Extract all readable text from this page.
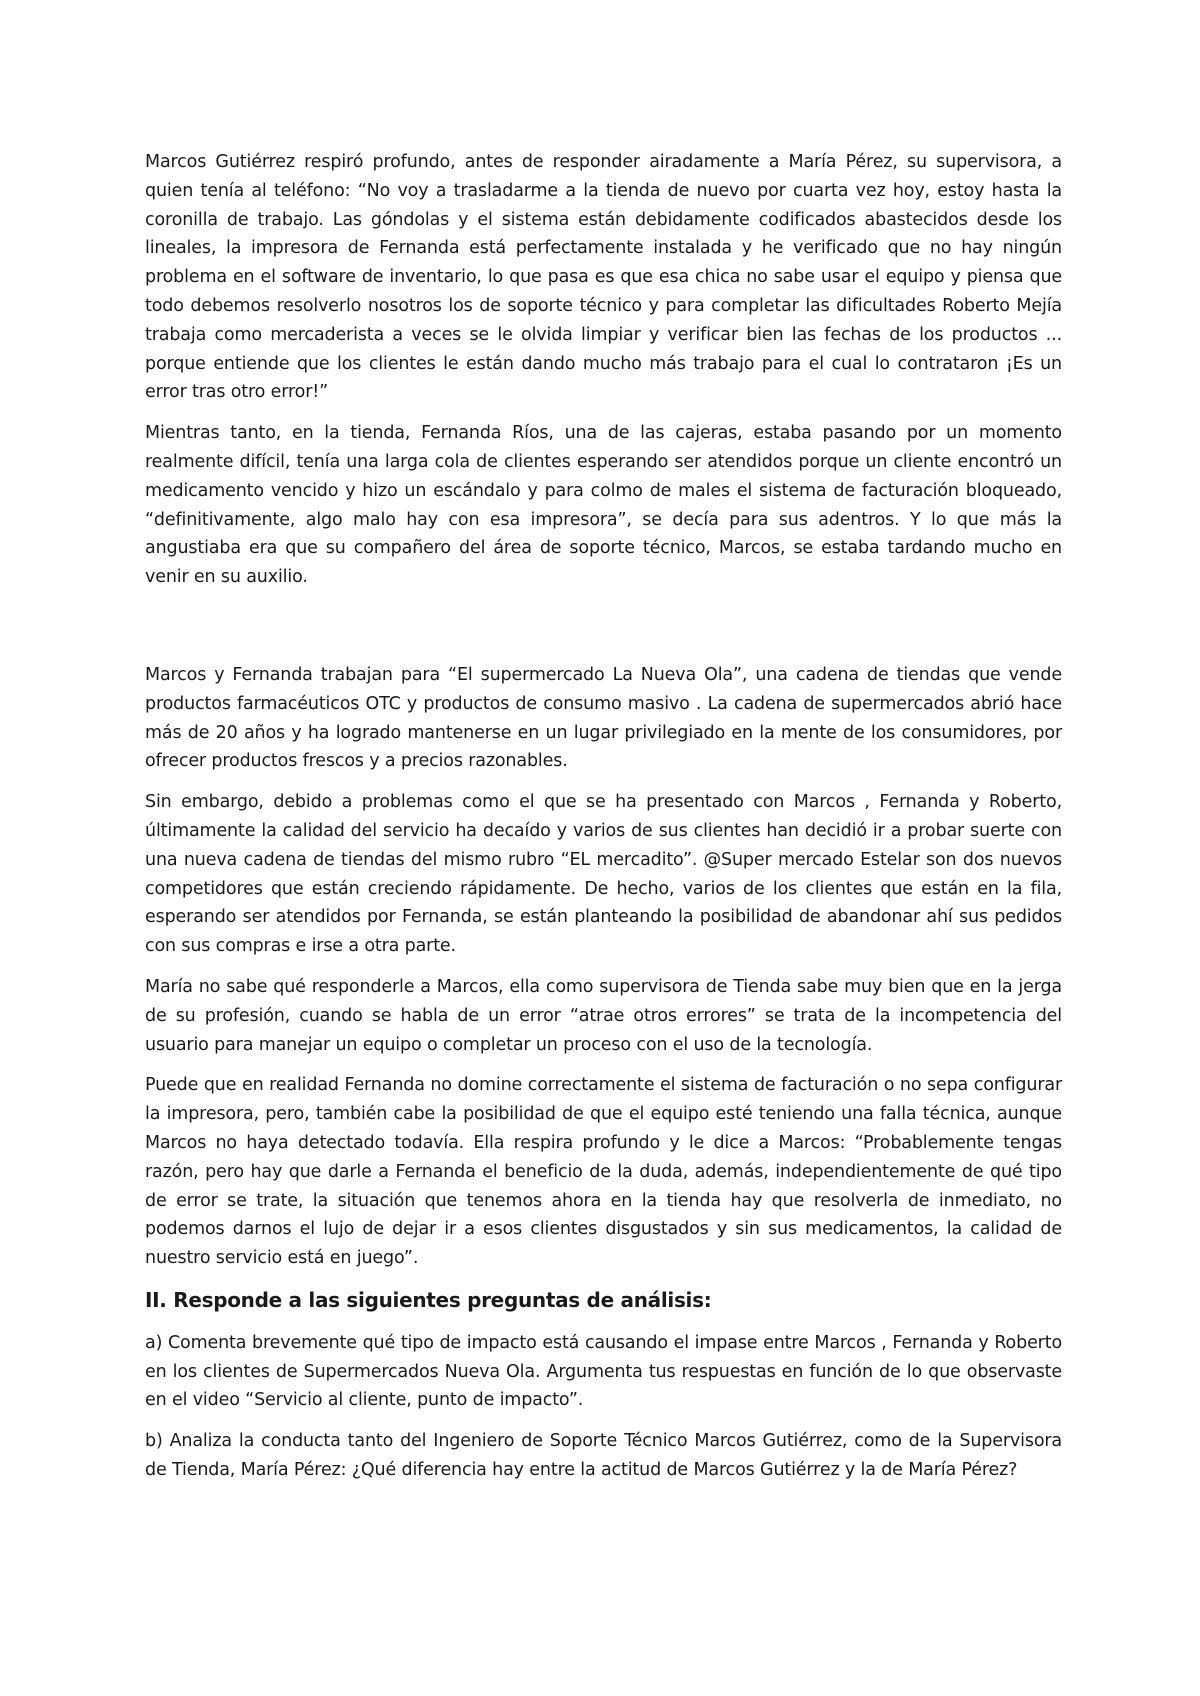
Marcos Gutiérrez respiró profundo, antes de responder airadamente a María Pérez, su supervisora, a quien tenía al teléfono: “No voy a trasladarme a la tienda de nuevo por cuarta vez hoy, estoy hasta la coronilla de trabajo. Las góndolas y el sistema están debidamente codificados abastecidos desde los lineales, la impresora de Fernanda está perfectamente instalada y he verificado que no hay ningún problema en el software de inventario, lo que pasa es que esa chica no sabe usar el equipo y piensa que todo debemos resolverlo nosotros los de soporte técnico y para completar las dificultades Roberto Mejía trabaja como mercaderista a veces se le olvida limpiar y verificar bien las fechas de los productos ... porque entiende que los clientes le están dando mucho más trabajo para el cual lo contrataron ¡Es un error tras otro error!”

Mientras tanto, en la tienda, Fernanda Ríos, una de las cajeras, estaba pasando por un momento realmente difícil, tenía una larga cola de clientes esperando ser atendidos porque un cliente encontró un medicamento vencido y hizo un escándalo y para colmo de males el sistema de facturación bloqueado, “definitivamente, algo malo hay con esa impresora”, se decía para sus adentros. Y lo que más la angustiaba era que su compañero del área de soporte técnico, Marcos, se estaba tardando mucho en venir en su auxilio.

Marcos y Fernanda trabajan para “El supermercado La Nueva Ola”, una cadena de tiendas que vende productos farmacéuticos OTC y productos de consumo masivo . La cadena de supermercados abrió hace más de 20 años y ha logrado mantenerse en un lugar privilegiado en la mente de los consumidores, por ofrecer productos frescos y a precios razonables.

Sin embargo, debido a problemas como el que se ha presentado con Marcos , Fernanda y Roberto, últimamente la calidad del servicio ha decaído y varios de sus clientes han decidió ir a probar suerte con una nueva cadena de tiendas del mismo rubro “EL mercadito”. @Super mercado Estelar son dos nuevos competidores que están creciendo rápidamente. De hecho, varios de los clientes que están en la fila, esperando ser atendidos por Fernanda, se están planteando la posibilidad de abandonar ahí sus pedidos con sus compras e irse a otra parte.

María no sabe qué responderle a Marcos, ella como supervisora de Tienda sabe muy bien que en la jerga de su profesión, cuando se habla de un error “atrae otros errores” se trata de la incompetencia del usuario para manejar un equipo o completar un proceso con el uso de la tecnología.

Puede que en realidad Fernanda no domine correctamente el sistema de facturación o no sepa configurar la impresora, pero, también cabe la posibilidad de que el equipo esté teniendo una falla técnica, aunque Marcos no haya detectado todavía. Ella respira profundo y le dice a Marcos: “Probablemente tengas razón, pero hay que darle a Fernanda el beneficio de la duda, además, independientemente de qué tipo de error se trate, la situación que tenemos ahora en la tienda hay que resolverla de inmediato, no podemos darnos el lujo de dejar ir a esos clientes disgustados y sin sus medicamentos, la calidad de nuestro servicio está en juego”.

II. Responde a las siguientes preguntas de análisis:

a) Comenta brevemente qué tipo de impacto está causando el impase entre Marcos , Fernanda y Roberto en los clientes de Supermercados Nueva Ola. Argumenta tus respuestas en función de lo que observaste en el video “Servicio al cliente, punto de impacto”.

b) Analiza la conducta tanto del Ingeniero de Soporte Técnico Marcos Gutiérrez, como de la Supervisora de Tienda, María Pérez: ¿Qué diferencia hay entre la actitud de Marcos Gutiérrez y la de María Pérez?
